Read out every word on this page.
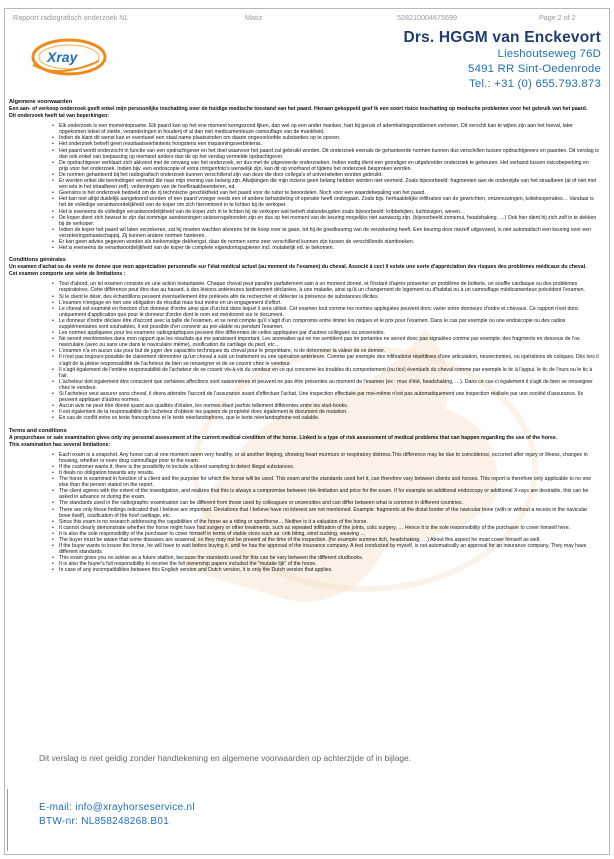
Rapport radiografisch onderzoek NL	Matiz	528210004675699	Page 2 of 2
Xray
Drs. HGGM van Enckevort
Lieshoutseweg 76D
5491 RR Sint-Oedenrode
Tel.: +31 (0) 655.793.873
Algemene voorwaarden
Een aan- of verkoop onderzoek geeft enkel mijn persoonlijke inschatting over de huidige medische toestand van het paard. Hieraan gekoppeld geef ik een soort risico inschatting op medische problemen voor het gebruik van het paard.
Dit onderzoek heeft tal van beperkingen:
• Elk onderzoek is een momentopname. Elk paard kan op het ene moment kerngezond lijken, dan wel op een ander manken, hart bij geruis of ademhalingsproblemen vertonen. Dit verschil kan te wijten zijn aan het toeval, later opgekomen letsel of ziekte, veranderingen in houderij of al dan niet medicamenteuze camouflage van de mankheid.
• Indien de klant dit wenst kan er eventueel een staal name plaatsvinden om daarin ongeoorloofde substanties op te sporen.
• Het onderzoek betreft geen resultaatsverbintenis hoogstens een inspanningsverbintenis.
• Het paard wordt onderzocht in functie van een opdrachtgever en het doel waarvoor het paard zal gebruikt worden. Dit onderzoek evenals de gehanteerde normen kunnen dus verschillen tussen opdrachtgevers en paarden. Dit verslag is dan ook enkel van toepassing op niemand anders dan de op het verslag vermelde opdrachtgever.
• De opdrachtgever verklaart zich akkoord met de omvang van het onderzoek, en dus met de uitgevoerde onderzoeken. Indien nodig dient een grondiger en uitgebreider onderzoek te gebeuren. Het verband tussen risicobeperking en prijs voor het onderzoek. Indien bijv. een endoscopie of extra röntgenfoto's wenselijk zijn, kan dit op voorhand of tijdens het onderzoek besproken worden.
• De normen gehanteerd bij het radiografisch onderzoek kunnen verschillend zijn van deze die door collega's of universiteiten worden gebruikt.
• Er worden enkel die bevindingen vermeld die naar mijn mening van belang zijn. Afwijkingen die mijn inziens geen belang hebben worden niet vermeld. Zoals bijvoorbeeld: fragmenten aan de onderzijde van het straalbeen (al of niet met een iets in het straalbeen zelf), verbeningen van de hoefkraakbeenderen, ed.
• Geensins is het onderzoek bedoeld om de rij technische geschiktheid van het paard voor de ruiter te beoordelen. Noch voor een waardebepaling van het paard.
• Het kan niet altijd duidelijk aangetoond worden of een paard vroeger reeds een of andere behandeling of operatie heeft ondergaan. Zoals bijv. herhaaldelijke infiltraties van de gewrichten, ontzenuwingen, kolieksoperaties… Vandaar is het de volledige verantwoordelijkheid van de koper om zich hieromtrent in te lichten bij de verkoper.
• Het is eveneens de volledige verantwoordelijkheid van de koper zich in te lichten bij de verkoper wat betreft stalondeugden zoals bijvoorbeeld: kribbebijten, luchtzuigen, weven…
• De koper dient zich bewust te zijn dat sommige aandoeningen seizoensgebonden zijn en dus op het moment van de keuring mogelijks niet aanwezig zijn. (bijvoorbeeld zomerrui, headshaking, …) Ook hier dient hij zich zelf in te dekken bij de verkoper.
• Indien de koper het paard wil laten verzekeren, zal hij moeten wachten alvorens tot de koop over te gaan, tot hij de goedkeuring van de verzekering heeft. Een keuring door mezelf uitgevoerd, is niet automatisch een keuring voor een verzekeringsmaatschappij. Zij kunnen andere normen hanteren.
• Er kan geen advies gegeven worden als toekomstige dekhengst, daar de normen soms zeer verschillend kunnen zijn tussen de verschillende stamboeken.
• Het is eveneens de verantwoordelijkheid van de koper de complete eigendomspapieren incl. mutatielijk ed. te bekomen.
Conditions générales
Un examen d'achat ou de vente ne donne que mon appréciation personnelle sur l'état médical actuel (au moment de l'examen) du cheval. Associé à ceci il existe une sorte d'appréciation des risques des problèmes médicaux du cheval.
Cet examen comporte une série de limitations :
• Tout d'abord, un tel examen consiste en une action instantanée. Chaque cheval peut paraître parfaitement sain à un moment donné, et l'instant d'après présenter un problème de boiterie, un souffle cardiaque ou des problèmes respiratoires. Cette différence peut être due au hasard, à des lésions antérieures tardivement déclarées, à une maladie, ainsi qu'à un changement de logement ou d'habitat ou à un camouflage médicamenteux précédent l'examen.
• Si le client le désir, des échantillons peuvent éventuellement être prélevés afin de rechercher et détecter la présence de substances illicites.
• L'examen n'engage en rien une obligation de résultat mais tout moins en un engagement d'effort.
• Le cheval est examiné en fonction d'un donneur d'ordre ainsi que d'un but dans lequel il sera utilisé. Cet examen tout comme les normes appliquées peuvent donc varier entre donneurs d'ordre et chevaux. Ce rapport n'est donc uniquement d'application que pour le donneur d'ordre dont le nom est mentionné sur le document.
• Le donneur d'ordre déclare être d'accord avec la taille de l'examen, et se rend compte qu'il s'agit d'un compromis entre limiter les risques et le prix pour l'examen. Dans le cas par exemple ou une endoscopie ou des radios supplémentaires sont souhaitées, il est possible d'en convenir au pré-alable ou pendant l'examen.
• Les normes appliquées pour les examens radiographiques peuvent être différentes de celles appliquées par d'autres collègues ou universités.
• Ne seront mentionnées dans mon rapport que les résultats qui me paraissent important. Les anomalies qui ne me semblent pas im portantes ne seront donc pas signalées comme par exemple: des fragments en dessous de l'os naviculaire (avec ou sans une dans le naviculaire même), ossification du cartilage du pied, etc…
• L'examen n'a en aucun cas pour but de juger des capacités techniques du cheval pour le propriétaire, ni de déterminer la valeur de ce dernier.
• Il n'est pas toujours possible de clairement démontrer qu'un cheval a subi un traitement ou une opération antérieure. Comme par exemple des infiltrations répétitives d'une articulation, neurectomies, ou opérations de coliques. Dès lors il s'agit de la pleine responsabilité de l'acheteur de bien se renseigner et de se couvrir chez le vendeur.
• Il s'agit également de l'entière responsabilité de l'acheteur de se couvrir vis-à-vis du vendeur en ce qui concerne les troubles du comportement (ou tics) éventuels du cheval comme par exemple le tic à l'appui, le tic de l'ours ou le tic à l'air.
• L'acheteur doit également être conscient que certaines affections sont saisonnières et peuvent ne pas être présentes au moment de l'examen (ex : mue d'été, headshaking, …). Dans ce cas-ci également il s'agit de bien se renseigner chez le vendeur.
• Si l'acheteur veut assurer sons cheval, il devra attendre l'accord de l'assurance avant d'effectuer l'achat. Une inspection effectuée par moi-même n'est pas automatiquement une inspection réalisée par une société d'assurance. Ils peuvent appliquer d'autres normes.
• Aucun avis ne peut être donné quant aux qualités d'étalon, les normes étant parfois tellement différentes entre les stud-books.
• Il est également de la responsabilité de l'acheteur d'obtenir les papiers de propriété donc également le document de mutation.
• En cas de conflit entre ce texte francophone et le texte néerlandophone, que le texte néerlandophone est valable.
Terms and conditions
A prepurchase or sale examination gives only my personal assessment of the current medical condition of the horse. Linked is a type of risk assessment of medical problems that can happen regarding the use of the horse.
This examination has several limitations:
• Each exam is a snapshot. Any horse can at one moment seem very healthy, or at another limping, showing heart murmurs or respiratory distress.This difference may be due to coincidence, occurred after injury or illness, changes in housing, whether or even drug camouflage prior to the exam.
• If the customer wants it, there is the possibility to include a blood sampling to detect illegal substances.
• It deals no obligation towards any results.
• The horse is examined in function of a client and the purpose for which the horse will be used. This exam and the standards used fort it, can therefore vary between clients and horses. This report is therefore only applicable to no one else than the person stated on the report.
• The client agrees with the extent of the investigation, and realizes that this is always a compromise between risk-limitation and price for the exam. If for example an additional endoscopy or additional X-rays are desirable, this can be asked in advance or during the exam.
• The standards used in the radiographic examination can be different from those used by colleagues or universities and can differ between what is common in different countries.
• There are only those findings indicated that I believe are important. Deviations that I believe have no interest are not mentioned. Example: fragments at the distal border of the navicular bone (with or without a recess in the navicular bone itself), ossification of the hoof cartilage, etc.
• Since this exam is no research addressing the capabilities of the horse as a riding or sporthorse… Neither is it a valuation of the horse.
• It cannot clearly demonstrate whether the horse might have had surgery or other treatments, such as repeated infiltration of the joints, colic surgery, … Hence it is the sole responsibility of the purchaser to cover himself here.
• It is also the sole responsibility of the purchaser to cover himself in terms of stable vices such as: crib biting, wind sucking, weaving …
• The buyer must be aware that some diseases are seasonal, so they may not be present at the time of the inspection. (for example summer itch, headshaking, …) About this aspect he must cover himself as well.
• If the buyer wants to insure the horse, he will have to wait before buying it, until he has the approval of the insurance company. A test conducted by myself, is not automatically an approval for an insurance company. They may have different standards.
• This exam gives you no advise as a future stallion, because the standards used for this can be vary between the different studbooks.
• It is also the buyer's full responsibility to receive the full ownership papers included the "mutatie lijk" of the horse.
• In case of any incompatibilities between this English version and Dutch version, it is only the Dutch version that applies.
Dit verslag is niet geldig zonder handtekening en algemene voorwaarden op achterzijde of in bijlage.
E-mail: info@xrayhorseservice.nl
BTW-nr: NL858248268.B01
